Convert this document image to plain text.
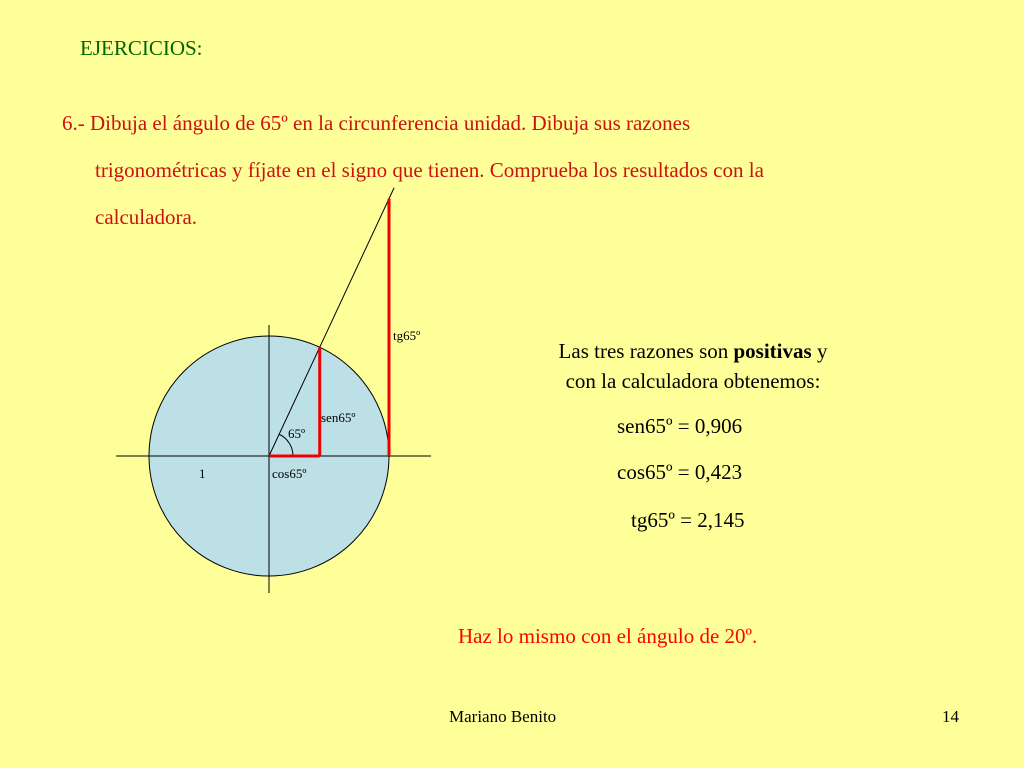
EJERCICIOS:
6.- Dibuja el ángulo de 65º en la circunferencia unidad. Dibuja sus razones
trigonométricas y fíjate en el signo que tienen. Comprueba los resultados con la
calculadora.
1
65º
sen65º
cos65º
tg65º
Las tres razones son positivas y
con la calculadora obtenemos:
sen65º = 0,906
cos65º = 0,423
tg65º = 2,145
Haz lo mismo con el ángulo de 20º.
Mariano Benito	14
